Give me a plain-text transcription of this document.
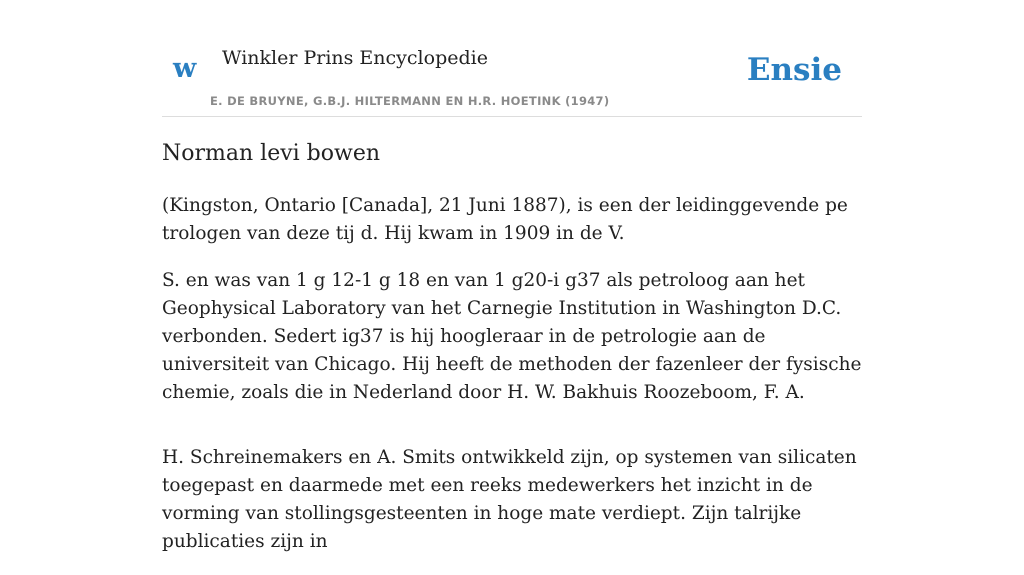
w Winkler Prins Encyclopedie
E. DE BRUYNE, G.B.J. HILTERMANN EN H.R. HOETINK (1947)
Ensie
Norman levi bowen

(Kingston, Ontario [Canada], 21 Juni 1887), is een der leidinggevende pe trologen van deze tij d. Hij kwam in 1909 in de V.

S. en was van 1 g 12-1 g 18 en van 1 g20-i g37 als petroloog aan het Geophysical Laboratory van het Carnegie Institution in Washington D.C. verbonden. Sedert ig37 is hij hoogleraar in de petrologie aan de universiteit van Chicago. Hij heeft de methoden der fazenleer der fysische chemie, zoals die in Nederland door H. W. Bakhuis Roozeboom, F. A.

H. Schreinemakers en A. Smits ontwikkeld zijn, op systemen van silicaten toegepast en daarmede met een reeks medewerkers het inzicht in de vorming van stollingsgesteenten in hoge mate verdiept. Zijn talrijke publicaties zijn in
